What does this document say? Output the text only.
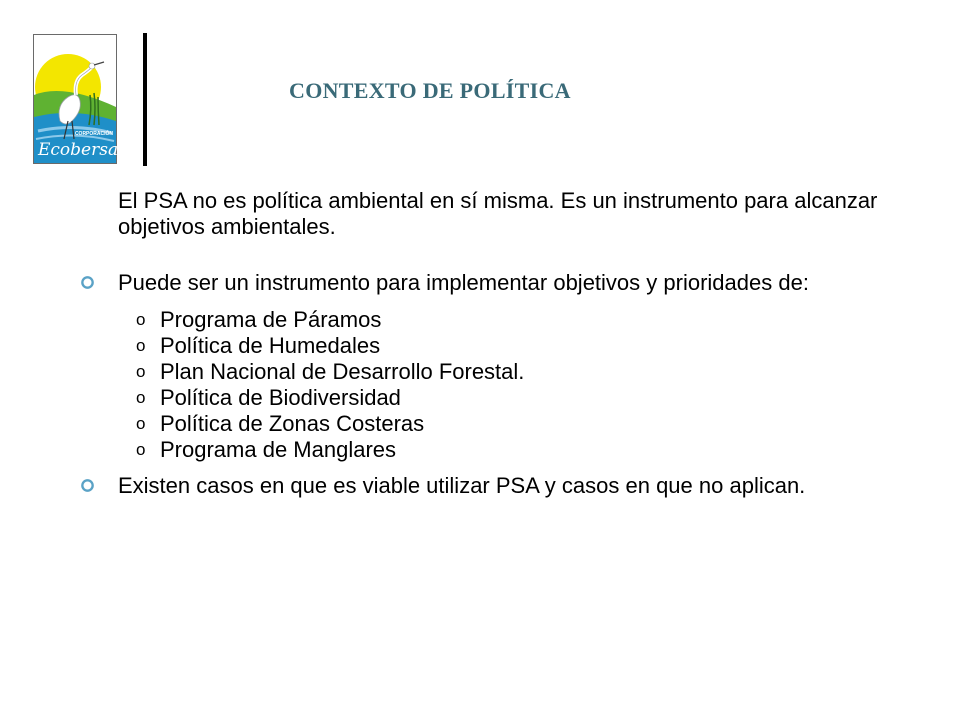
CORPORACIÓN
Ecobersa
CONTEXTO DE POLÍTICA

El PSA no es política ambiental en sí misma. Es un instrumento para alcanzar objetivos ambientales.

Puede ser un instrumento para implementar objetivos y prioridades de:
o Programa de Páramos
o Política de Humedales
o Plan Nacional de Desarrollo Forestal.
o Política de Biodiversidad
o Política de Zonas Costeras
o Programa de Manglares
Existen casos en que es viable utilizar PSA y casos en que no aplican.
